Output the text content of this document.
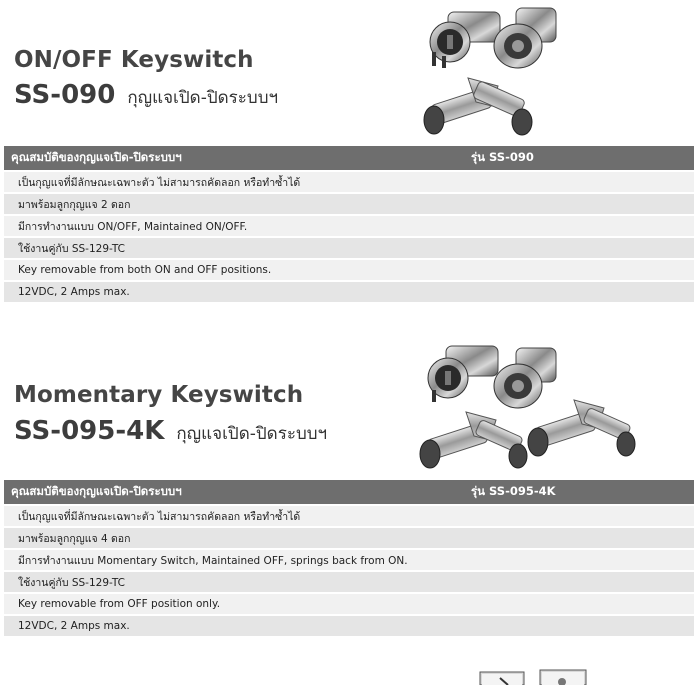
ON/OFF Keyswitch
SS-090 กุญแจเปิด-ปิดระบบฯ
คุณสมบัติของกุญแจเปิด-ปิดระบบฯ	รุ่น SS-090
เป็นกุญแจที่มีลักษณะเฉพาะตัว ไม่สามารถคัดลอก หรือทำซ้ำได้
มาพร้อมลูกกุญแจ 2 ดอก
มีการทำงานแบบ ON/OFF, Maintained ON/OFF.
ใช้งานคู่กับ SS-129-TC
Key removable from both ON and OFF positions.
12VDC, 2 Amps max.
Momentary Keyswitch
SS-095-4K กุญแจเปิด-ปิดระบบฯ
คุณสมบัติของกุญแจเปิด-ปิดระบบฯ	รุ่น SS-095-4K
เป็นกุญแจที่มีลักษณะเฉพาะตัว ไม่สามารถคัดลอก หรือทำซ้ำได้
มาพร้อมลูกกุญแจ 4 ดอก
มีการทำงานแบบ Momentary Switch, Maintained OFF, springs back from ON.
ใช้งานคู่กับ SS-129-TC
Key removable from OFF position only.
12VDC, 2 Amps max.
